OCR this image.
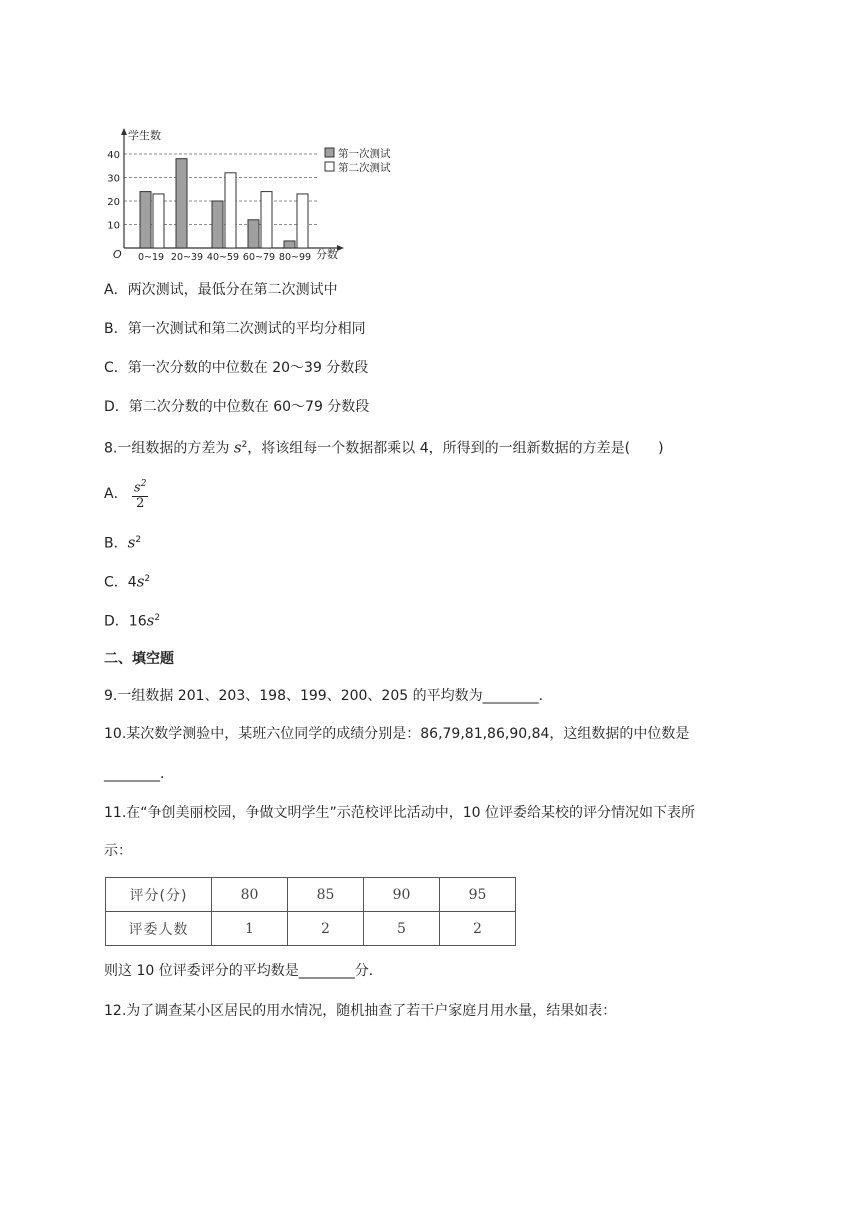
学生数
分数
O
10
20
30
40
0~19 20~39 40~59 60~79 80~99
第一次测试
第二次测试
A．两次测试，最低分在第二次测试中
B．第一次测试和第二次测试的平均分相同
C．第一次分数的中位数在 20～39 分数段
D．第二次分数的中位数在 60～79 分数段
8.一组数据的方差为 $s^2$，将该组每一个数据都乘以 4，所得到的一组新数据的方差是(　　)
A． $\frac{s^2}{2}$
B．$s^2$
C．$4s^2$
D．$16s^2$
二、填空题
9.一组数据 201、203、198、199、200、205 的平均数为________．
10.某次数学测验中，某班六位同学的成绩分别是：86,79,81,86,90,84，这组数据的中位数是
________．
11.在“争创美丽校园，争做文明学生”示范校评比活动中，10 位评委给某校的评分情况如下表所
示：
评分(分)	80	85	90	95
评委人数	1	2	5	2
则这 10 位评委评分的平均数是________分．
12.为了调查某小区居民的用水情况，随机抽查了若干户家庭月用水量，结果如表：
